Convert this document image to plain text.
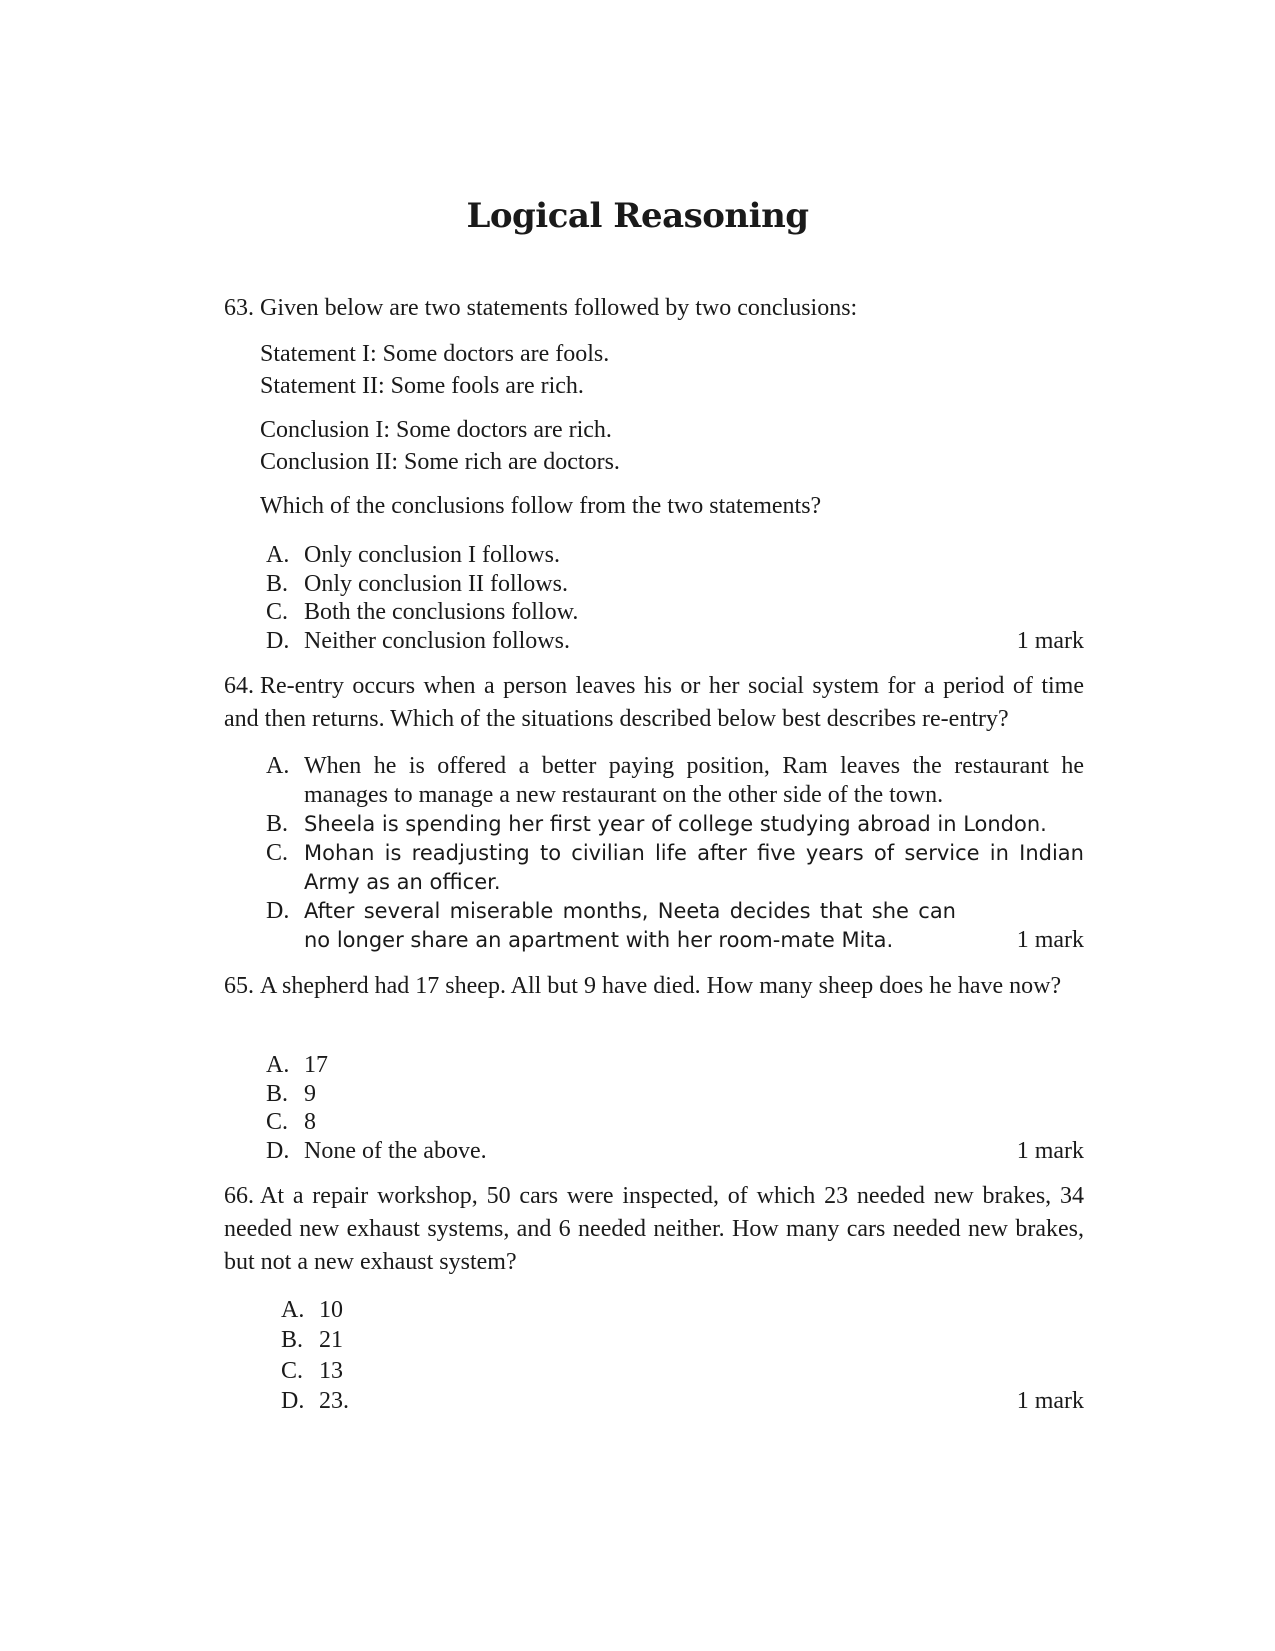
Logical Reasoning
63. Given below are two statements followed by two conclusions:
Statement I: Some doctors are fools.
Statement II: Some fools are rich.
Conclusion I: Some doctors are rich.
Conclusion II: Some rich are doctors.
Which of the conclusions follow from the two statements?
A. Only conclusion I follows.
B. Only conclusion II follows.
C. Both the conclusions follow.
D. Neither conclusion follows.	1 mark
64. Re-entry occurs when a person leaves his or her social system for a period of time and then returns. Which of the situations described below best describes re-entry?
A. When he is offered a better paying position, Ram leaves the restaurant he manages to manage a new restaurant on the other side of the town.
B. Sheela is spending her first year of college studying abroad in London.
C. Mohan is readjusting to civilian life after five years of service in Indian Army as an officer.
D. After several miserable months, Neeta decides that she can no longer share an apartment with her room-mate Mita.	1 mark
65. A shepherd had 17 sheep. All but 9 have died. How many sheep does he have now?
A. 17
B. 9
C. 8
D. None of the above.	1 mark
66. At a repair workshop, 50 cars were inspected, of which 23 needed new brakes, 34 needed new exhaust systems, and 6 needed neither. How many cars needed new brakes, but not a new exhaust system?
A. 10
B. 21
C. 13
D. 23.	1 mark
